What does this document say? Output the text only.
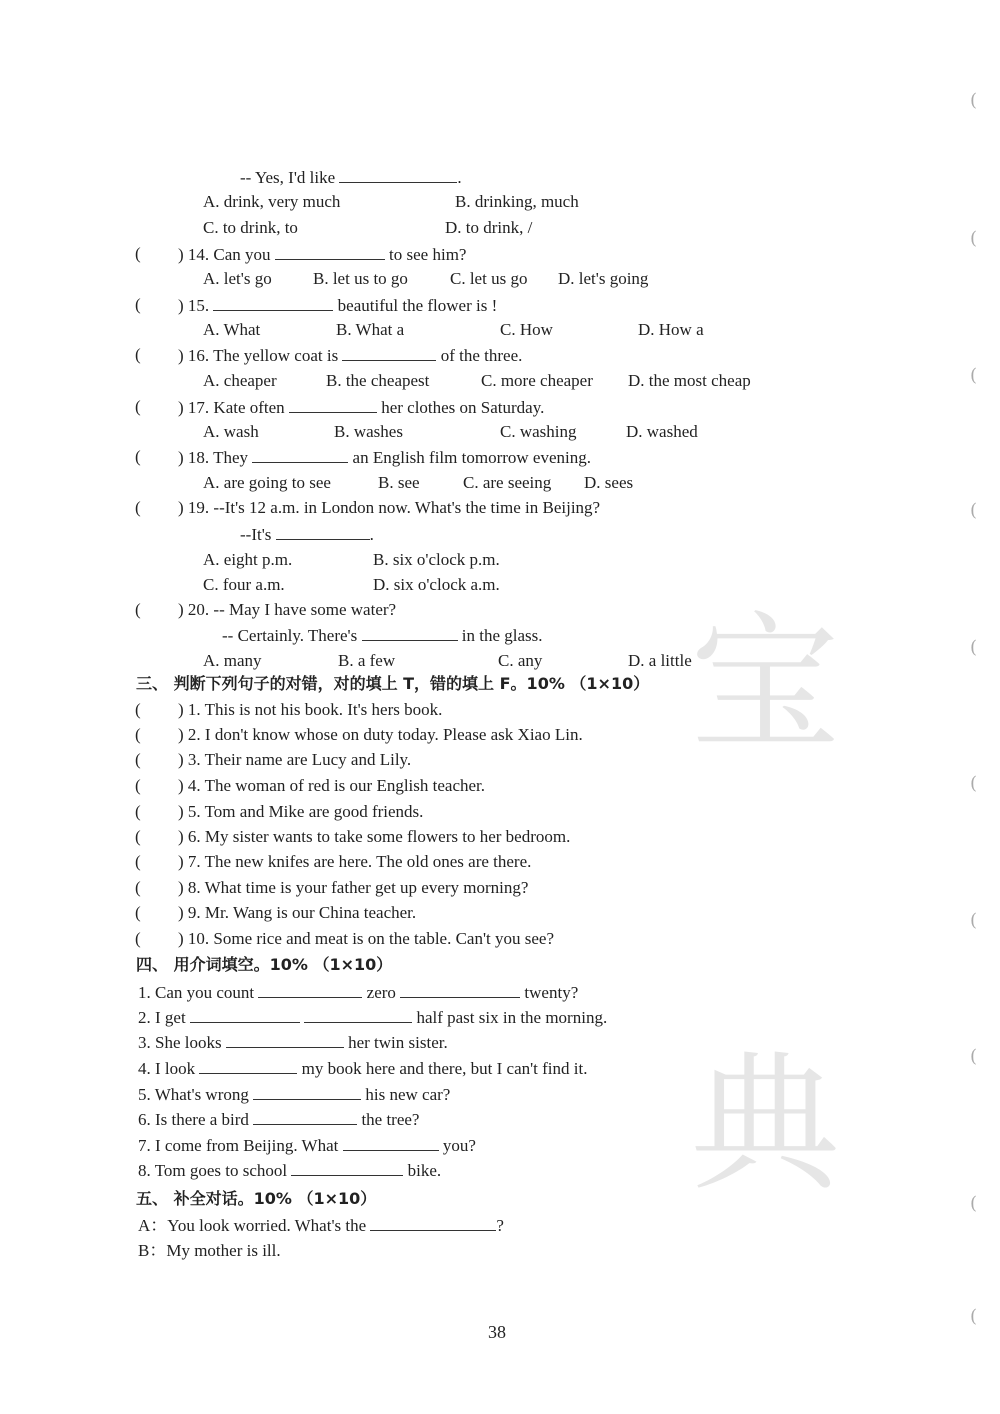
宝
典
-- Yes, I'd like	.
A. drink, very much	B. drinking, much
C. to drink, to	D. to drink, /
( ) 14. Can you	to see him?
A. let's go B. let us to go C. let us go D. let's going
( ) 15.	beautiful the flower is !
A. What	B. What a	C. How	D. How a
( ) 16. The yellow coat is	of the three.
A. cheaper	B. the cheapest	C. more cheaper D. the most cheap
( ) 17. Kate often	her clothes on Saturday.
A. wash	B. washes	C. washing	D. washed
( ) 18. They	an English film tomorrow evening.
A. are going to see	B. see	C. are seeing D. sees
( ) 19. --It's 12 a.m. in London now. What's the time in Beijing?
--It's	.
A. eight p.m.	B. six o'clock p.m.
C. four a.m.	D. six o'clock a.m.
( ) 20. -- May I have some water?
-- Certainly. There's	in the glass.
A. many	B. a few	C. any	D. a little
三、 判断下列句子的对错，对的填上 T，错的填上 F。10% （1×10）
( ) 1. This is not his book. It's hers book.
( ) 2. I don't know whose on duty today. Please ask Xiao Lin.
( ) 3. Their name are Lucy and Lily.
( ) 4. The woman of red is our English teacher.
( ) 5. Tom and Mike are good friends.
( ) 6. My sister wants to take some flowers to her bedroom.
( ) 7. The new knifes are here. The old ones are there.
( ) 8. What time is your father get up every morning?
( ) 9. Mr. Wang is our China teacher.
( ) 10. Some rice and meat is on the table. Can't you see?
四、 用介词填空。10% （1×10）
1. Can you count	zero	twenty?
2. I get	half past six in the morning.
3. She looks	her twin sister.
4. I look	my book here and there, but I can't find it.
5. What's wrong	his new car?
6. Is there a bird	the tree?
7. I come from Beijing. What	you?
8. Tom goes to school	bike.
五、 补全对话。10% （1×10）
A：You look worried. What's the	?
B：My mother is ill.
38
(
(
(
(
(
(
(
(
(
(
